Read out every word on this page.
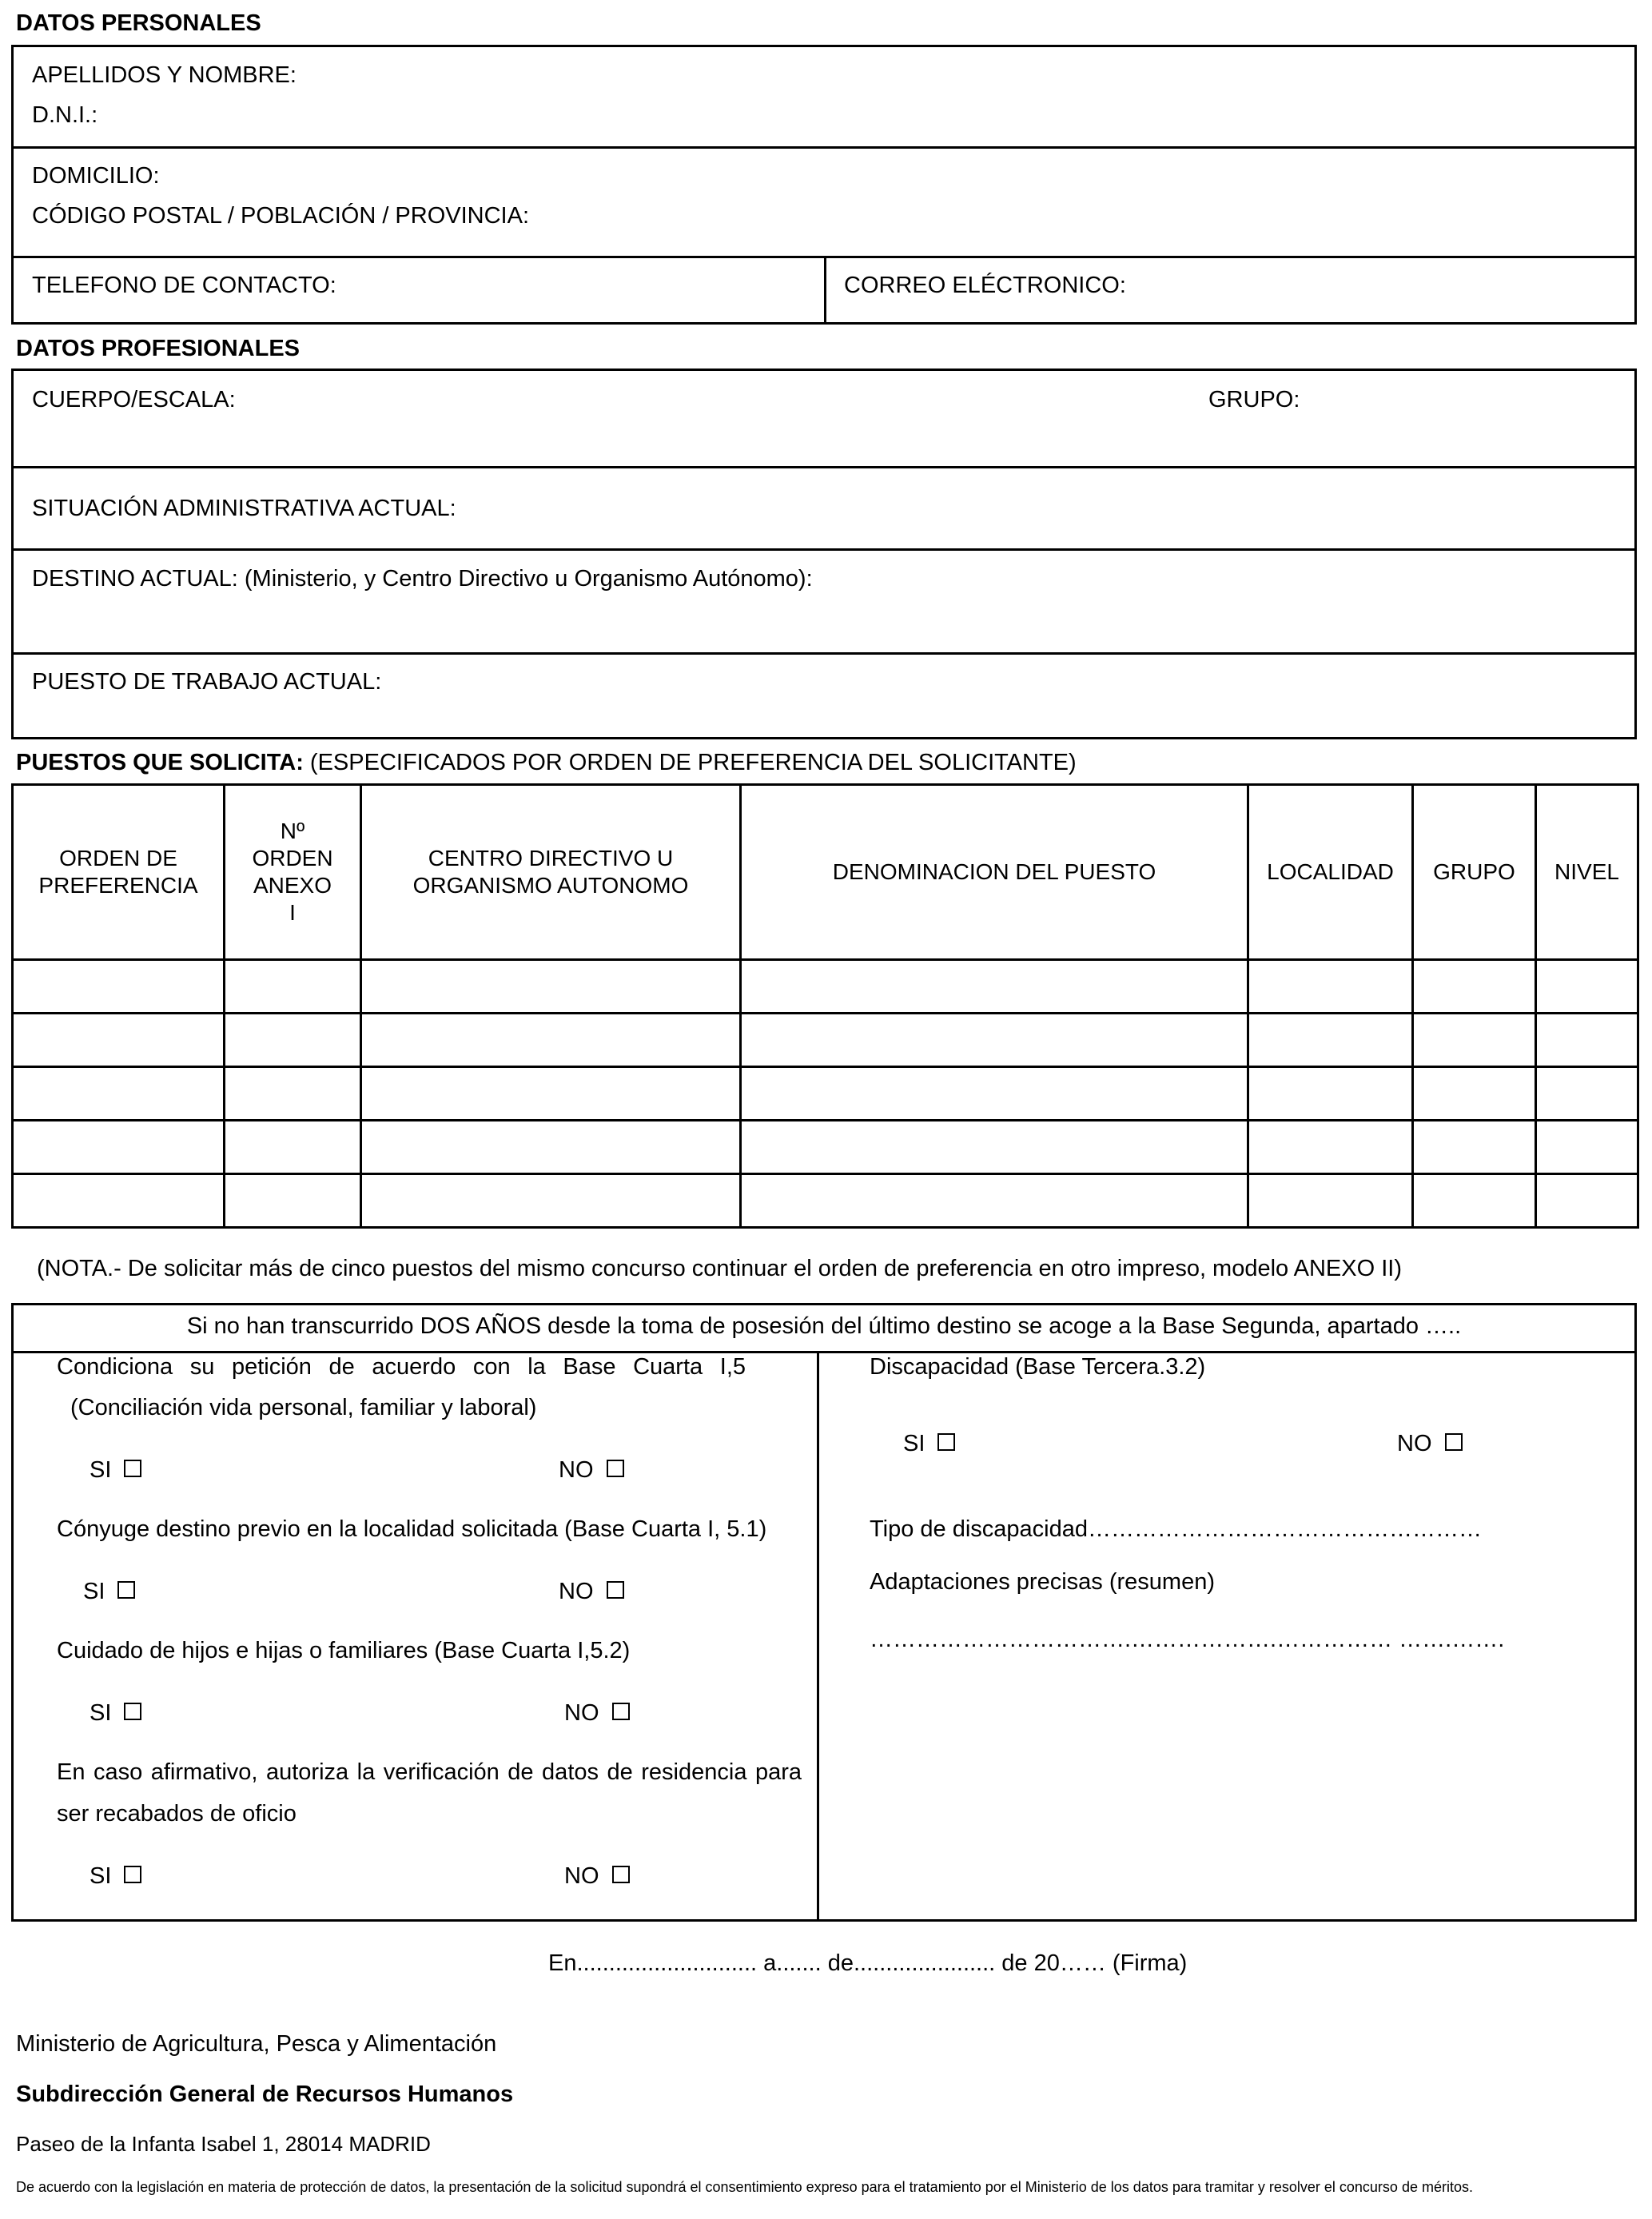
DATOS PERSONALES
APELLIDOS Y NOMBRE:
D.N.I.:
DOMICILIO:
CÓDIGO POSTAL / POBLACIÓN / PROVINCIA:
TELEFONO DE CONTACTO:	CORREO ELÉCTRONICO:
DATOS PROFESIONALES
CUERPO/ESCALA:	GRUPO:
SITUACIÓN ADMINISTRATIVA ACTUAL:
DESTINO ACTUAL: (Ministerio, y Centro Directivo u Organismo Autónomo):
PUESTO DE TRABAJO ACTUAL:
PUESTOS QUE SOLICITA: (ESPECIFICADOS POR ORDEN DE PREFERENCIA DEL SOLICITANTE)
ORDEN DE PREFERENCIA	Nº ORDEN ANEXO I	CENTRO DIRECTIVO U ORGANISMO AUTONOMO	DENOMINACION DEL PUESTO	LOCALIDAD	GRUPO	NIVEL

(NOTA.- De solicitar más de cinco puestos del mismo concurso continuar el orden de preferencia en otro impreso, modelo ANEXO II)
Si no han transcurrido DOS AÑOS desde la toma de posesión del último destino se acoge a la Base Segunda, apartado …..
Condiciona su petición de acuerdo con la Base Cuarta I,5
(Conciliación vida personal, familiar y laboral)
SI	NO
Cónyuge destino previo en la localidad solicitada (Base Cuarta I, 5.1)
SI	NO
Cuidado de hijos e hijas o familiares (Base Cuarta I,5.2)
SI	NO
En caso afirmativo, autoriza la verificación de datos de residencia para
ser recabados de oficio
SI	NO
Discapacidad (Base Tercera.3.2)
SI	NO
Tipo de discapacidad……………………………………………
Adaptaciones precisas (resumen)
…………………………….……………….…………… …….…….
En............................ a....... de...................... de 20…… (Firma)
Ministerio de Agricultura, Pesca y Alimentación
Subdirección General de Recursos Humanos
Paseo de la Infanta Isabel 1, 28014 MADRID
De acuerdo con la legislación en materia de protección de datos, la presentación de la solicitud supondrá el consentimiento expreso para el tratamiento por el Ministerio de los datos para tramitar y resolver el concurso de méritos.
